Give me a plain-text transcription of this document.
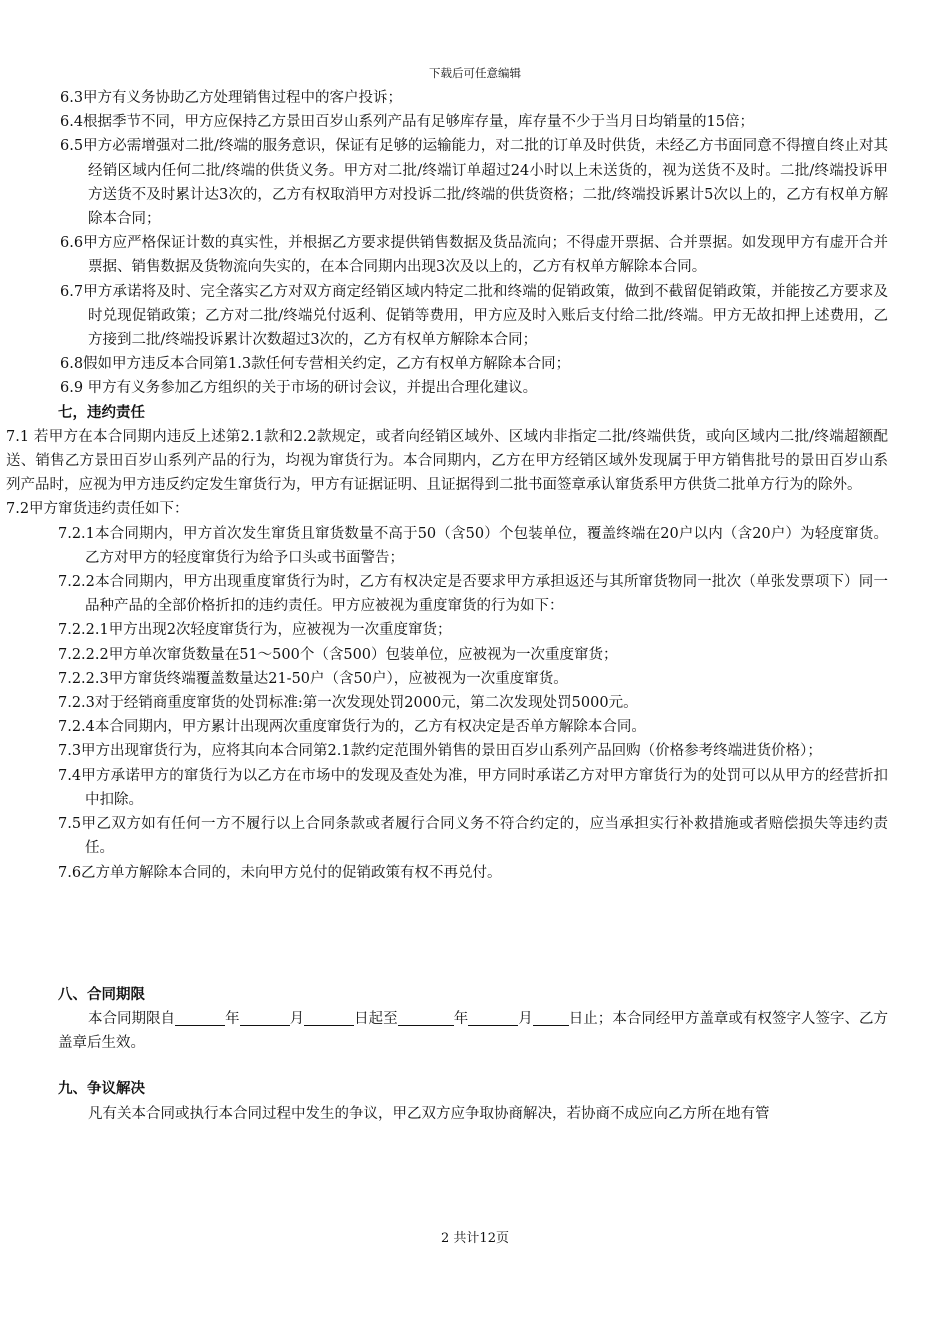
下载后可任意编辑

6.3甲方有义务协助乙方处理销售过程中的客户投诉；

6.4根据季节不同，甲方应保持乙方景田百岁山系列产品有足够库存量，库存量不少于当月日均销量的15倍；

6.5甲方必需增强对二批/终端的服务意识，保证有足够的运输能力，对二批的订单及时供货，未经乙方书面同意不得擅自终止对其经销区域内任何二批/终端的供货义务。甲方对二批/终端订单超过24小时以上未送货的，视为送货不及时。二批/终端投诉甲方送货不及时累计达3次的，乙方有权取消甲方对投诉二批/终端的供货资格；二批/终端投诉累计5次以上的，乙方有权单方解除本合同；

6.6甲方应严格保证计数的真实性，并根据乙方要求提供销售数据及货品流向；不得虚开票据、合并票据。如发现甲方有虚开合并票据、销售数据及货物流向失实的，在本合同期内出现3次及以上的，乙方有权单方解除本合同。

6.7甲方承诺将及时、完全落实乙方对双方商定经销区域内特定二批和终端的促销政策，做到不截留促销政策，并能按乙方要求及时兑现促销政策；乙方对二批/终端兑付返利、促销等费用，甲方应及时入账后支付给二批/终端。甲方无故扣押上述费用，乙方接到二批/终端投诉累计次数超过3次的，乙方有权单方解除本合同；

6.8假如甲方违反本合同第1.3款任何专营相关约定，乙方有权单方解除本合同；

6.9 甲方有义务参加乙方组织的关于市场的研讨会议，并提出合理化建议。

七，违约责任

7.1 若甲方在本合同期内违反上述第2.1款和2.2款规定，或者向经销区域外、区域内非指定二批/终端供货，或向区域内二批/终端超额配送、销售乙方景田百岁山系列产品的行为，均视为窜货行为。本合同期内，乙方在甲方经销区域外发现属于甲方销售批号的景田百岁山系列产品时，应视为甲方违反约定发生窜货行为，甲方有证据证明、且证据得到二批书面签章承认窜货系甲方供货二批单方行为的除外。

7.2甲方窜货违约责任如下：

7.2.1本合同期内，甲方首次发生窜货且窜货数量不高于50（含50）个包装单位，覆盖终端在20户以内（含20户）为轻度窜货。乙方对甲方的轻度窜货行为给予口头或书面警告；

7.2.2本合同期内，甲方出现重度窜货行为时，乙方有权决定是否要求甲方承担返还与其所窜货物同一批次（单张发票项下）同一品种产品的全部价格折扣的违约责任。甲方应被视为重度窜货的行为如下：

7.2.2.1甲方出现2次轻度窜货行为，应被视为一次重度窜货；

7.2.2.2甲方单次窜货数量在51～500个（含500）包装单位，应被视为一次重度窜货；

7.2.2.3甲方窜货终端覆盖数量达21-50户（含50户），应被视为一次重度窜货。

7.2.3对于经销商重度窜货的处罚标准:第一次发现处罚2000元，第二次发现处罚5000元。

7.2.4本合同期内，甲方累计出现两次重度窜货行为的，乙方有权决定是否单方解除本合同。

7.3甲方出现窜货行为，应将其向本合同第2.1款约定范围外销售的景田百岁山系列产品回购（价格参考终端进货价格）；

7.4甲方承诺甲方的窜货行为以乙方在市场中的发现及查处为准，甲方同时承诺乙方对甲方窜货行为的处罚可以从甲方的经营折扣中扣除。

7.5甲乙双方如有任何一方不履行以上合同条款或者履行合同义务不符合约定的，应当承担实行补救措施或者赔偿损失等违约责任。

7.6乙方单方解除本合同的，未向甲方兑付的促销政策有权不再兑付。

八、合同期限

本合同期限自	年	月	日起至	年	月 日止；本合同经甲方盖章或有权签字人签字、乙方盖章后生效。

九、争议解决

凡有关本合同或执行本合同过程中发生的争议，甲乙双方应争取协商解决，若协商不成应向乙方所在地有管

2 共计12页
